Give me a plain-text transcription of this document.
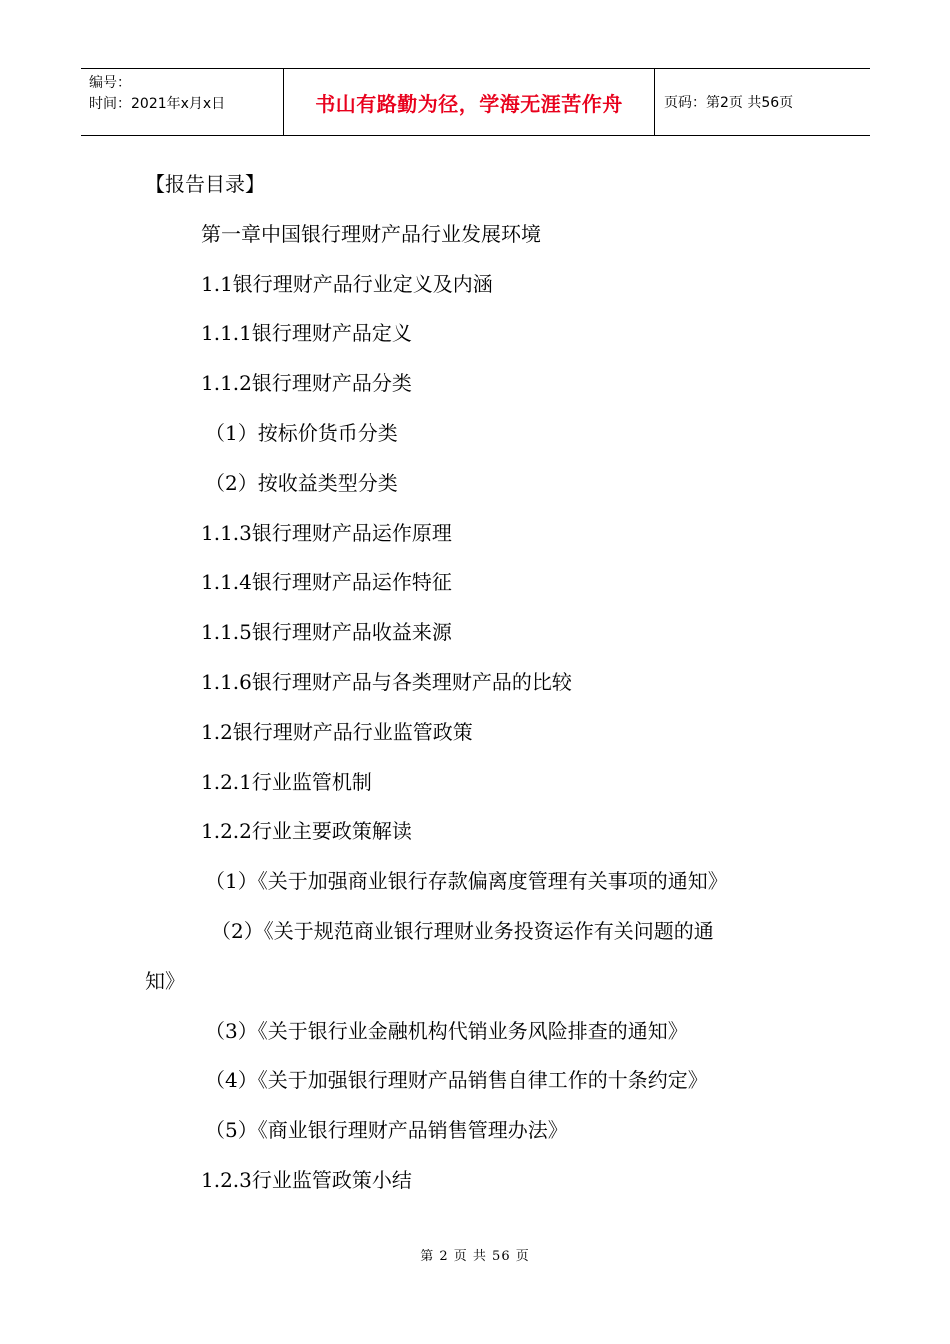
编号：
时间：2021年x月x日	书山有路勤为径，学海无涯苦作舟	页码：第2页 共56页
【报告目录】
第一章中国银行理财产品行业发展环境
1.1银行理财产品行业定义及内涵
1.1.1银行理财产品定义
1.1.2银行理财产品分类
（1）按标价货币分类
（2）按收益类型分类
1.1.3银行理财产品运作原理
1.1.4银行理财产品运作特征
1.1.5银行理财产品收益来源
1.1.6银行理财产品与各类理财产品的比较
1.2银行理财产品行业监管政策
1.2.1行业监管机制
1.2.2行业主要政策解读
（1）《关于加强商业银行存款偏离度管理有关事项的通知》
（2）《关于规范商业银行理财业务投资运作有关问题的通
知》
（3）《关于银行业金融机构代销业务风险排查的通知》
（4）《关于加强银行理财产品销售自律工作的十条约定》
（5）《商业银行理财产品销售管理办法》
1.2.3行业监管政策小结
第 2 页 共 56 页
